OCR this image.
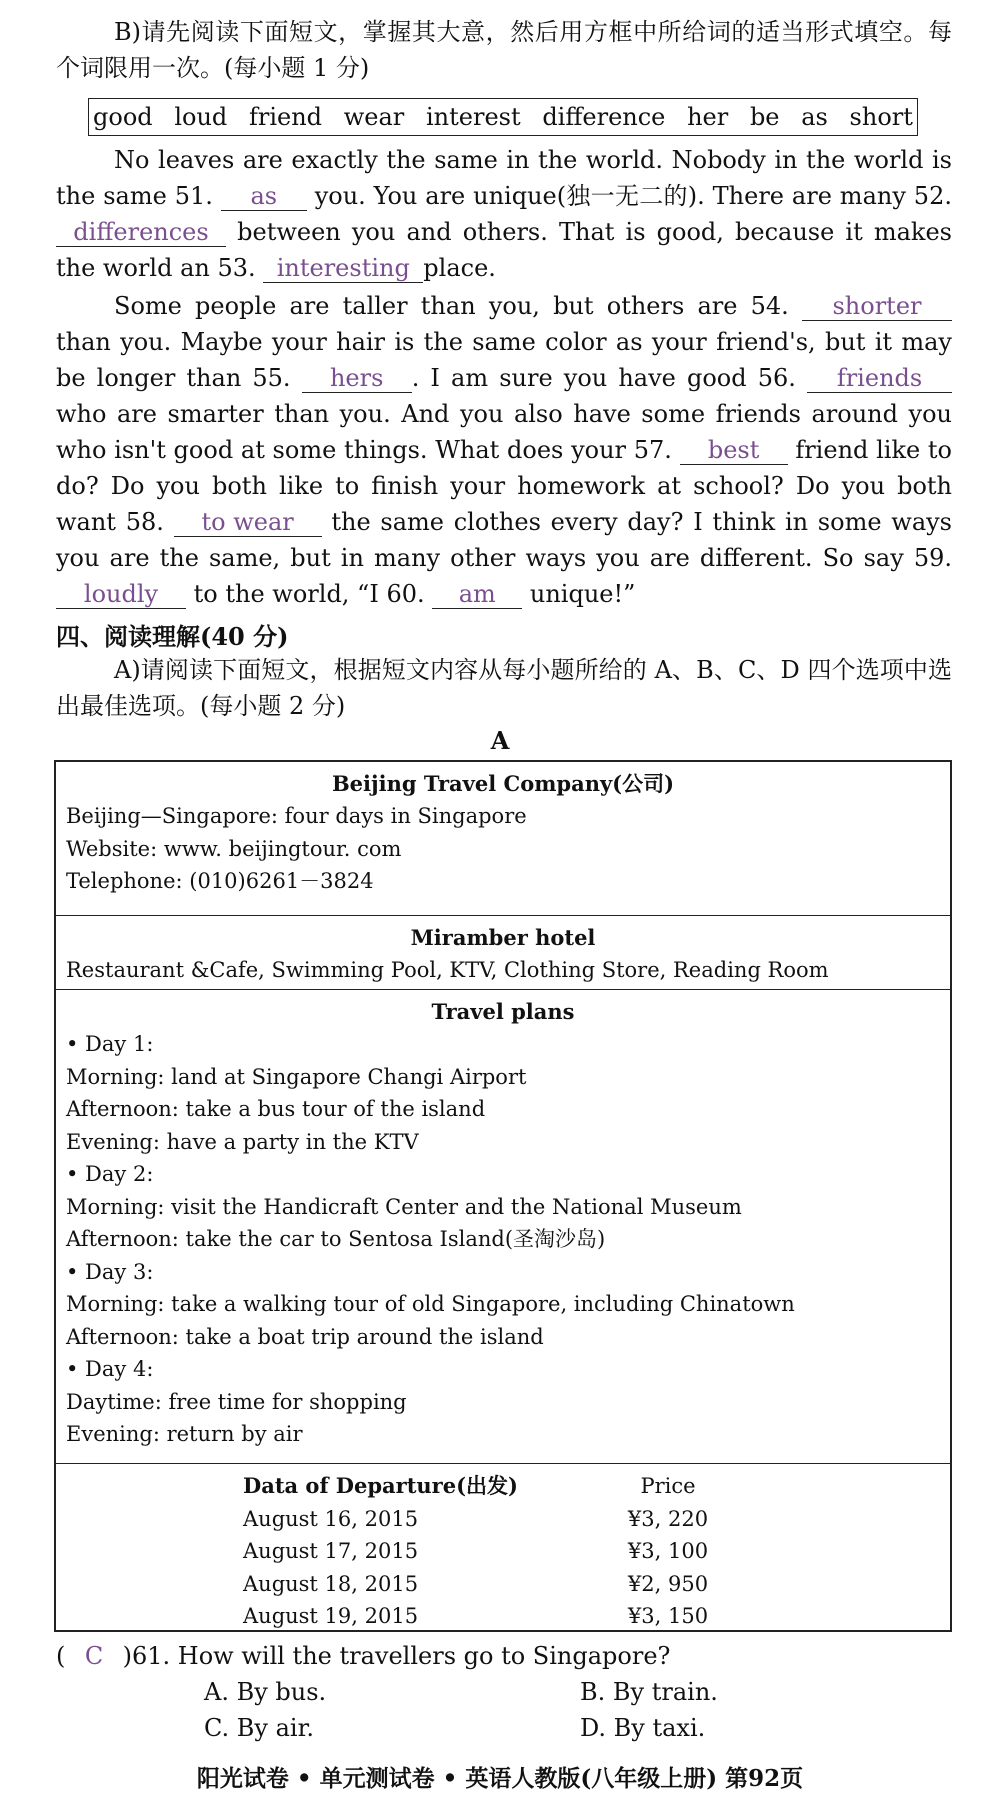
B)请先阅读下面短文，掌握其大意，然后用方框中所给词的适当形式填空。每个词限用一次。(每小题 1 分)

good loud friend wear interest difference her be as short

No leaves are exactly the same in the world. Nobody in the world is the same 51. as you. You are unique(独一无二的). There are many 52. differences between you and others. That is good, because it makes the world an 53. interesting place.

Some people are taller than you, but others are 54. shorter than you. Maybe your hair is the same color as your friend's, but it may be longer than 55. hers . I am sure you have good 56. friends who are smarter than you. And you also have some friends around you who isn't good at some things. What does your 57. best friend like to do? Do you both like to finish your homework at school? Do you both want 58. to wear the same clothes every day? I think in some ways you are the same, but in many other ways you are different. So say 59. loudly to the world, “I 60. am unique!”

四、阅读理解(40 分)

A)请阅读下面短文，根据短文内容从每小题所给的 A、B、C、D 四个选项中选出最佳选项。(每小题 2 分)

A
Beijing Travel Company(公司)
Beijing—Singapore: four days in Singapore
Website: www. beijingtour. com
Telephone: (010)6261－3824
Miramber hotel
Restaurant &Cafe, Swimming Pool, KTV, Clothing Store, Reading Room
Travel plans
• Day 1:
Morning: land at Singapore Changi Airport
Afternoon: take a bus tour of the island
Evening: have a party in the KTV
• Day 2:
Morning: visit the Handicraft Center and the National Museum
Afternoon: take the car to Sentosa Island(圣淘沙岛)
• Day 3:
Morning: take a walking tour of old Singapore, including Chinatown
Afternoon: take a boat trip around the island
• Day 4:
Daytime: free time for shopping
Evening: return by air
Data of Departure(出发)	Price
August 16, 2015	¥3, 220
August 17, 2015	¥3, 100
August 18, 2015	¥2, 950
August 19, 2015	¥3, 150
( C )61. How will the travellers go to Singapore?
A. By bus.	B. By train.
C. By air.	D. By taxi.
阳光试卷 • 单元测试卷 • 英语人教版(八年级上册) 第92页
